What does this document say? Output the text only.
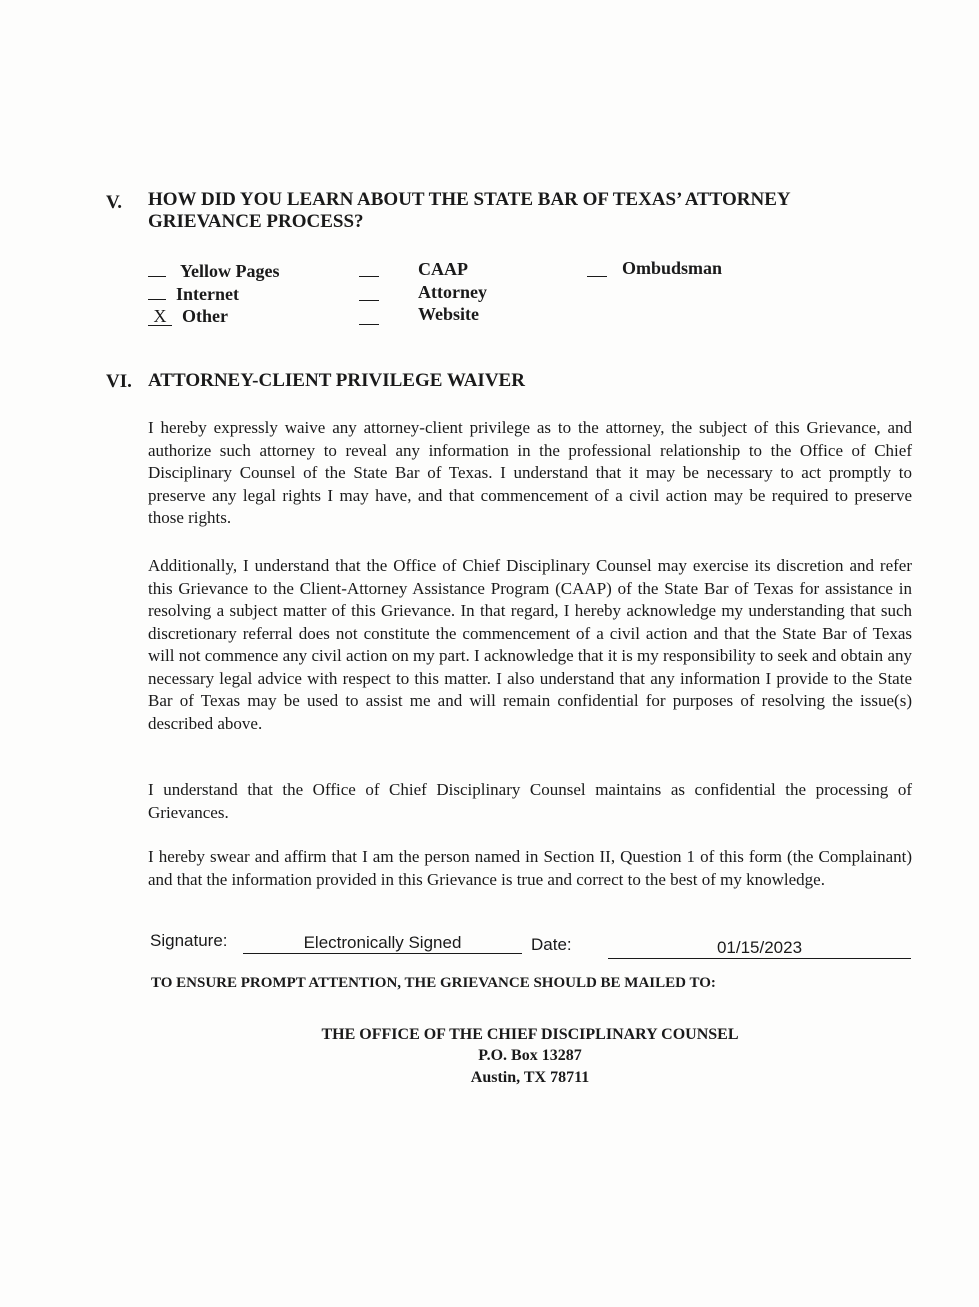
V. HOW DID YOU LEARN ABOUT THE STATE BAR OF TEXAS’ ATTORNEY
GRIEVANCE PROCESS?
Yellow Pages
Internet
X Other
CAAP
Attorney
Website
Ombudsman
VI. ATTORNEY-CLIENT PRIVILEGE WAIVER
I hereby expressly waive any attorney-client privilege as to the attorney, the subject of this Grievance, and authorize such attorney to reveal any information in the professional relationship to the Office of Chief Disciplinary Counsel of the State Bar of Texas. I understand that it may be necessary to act promptly to preserve any legal rights I may have, and that commencement of a civil action may be required to preserve those rights.
Additionally, I understand that the Office of Chief Disciplinary Counsel may exercise its discretion and refer this Grievance to the Client-Attorney Assistance Program (CAAP) of the State Bar of Texas for assistance in resolving a subject matter of this Grievance. In that regard, I hereby acknowledge my understanding that such discretionary referral does not constitute the commencement of a civil action and that the State Bar of Texas will not commence any civil action on my part. I acknowledge that it is my responsibility to seek and obtain any necessary legal advice with respect to this matter. I also understand that any information I provide to the State Bar of Texas may be used to assist me and will remain confidential for purposes of resolving the issue(s) described above.
I understand that the Office of Chief Disciplinary Counsel maintains as confidential the processing of Grievances.
I hereby swear and affirm that I am the person named in Section II, Question 1 of this form (the Complainant) and that the information provided in this Grievance is true and correct to the best of my knowledge.
Signature:	Electronically Signed	Date:	01/15/2023
TO ENSURE PROMPT ATTENTION, THE GRIEVANCE SHOULD BE MAILED TO:
THE OFFICE OF THE CHIEF DISCIPLINARY COUNSEL
P.O. Box 13287
Austin, TX 78711
